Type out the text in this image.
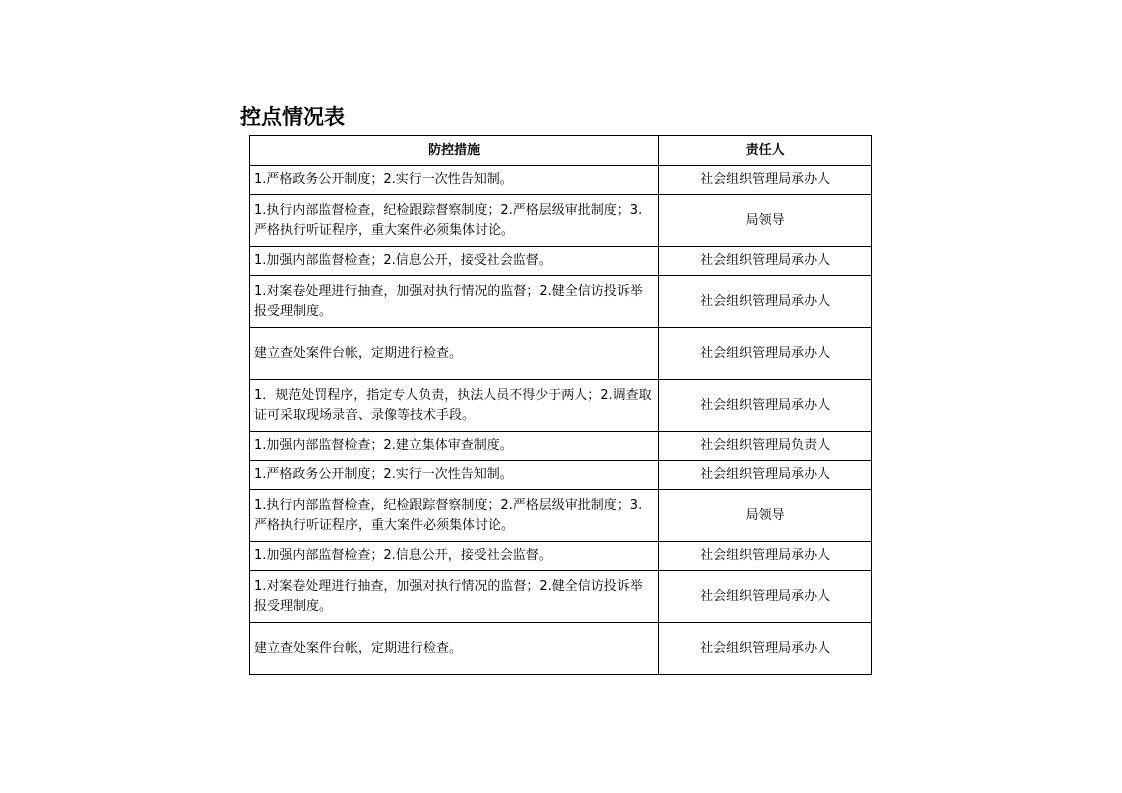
控点情况表
防控措施	责任人
1.严格政务公开制度；2.实行一次性告知制。	社会组织管理局承办人
1.执行内部监督检查，纪检跟踪督察制度；2.严格层级审批制度；3.严格执行听证程序，重大案件必须集体讨论。	局领导
1.加强内部监督检查；2.信息公开，接受社会监督。	社会组织管理局承办人
1.对案卷处理进行抽查，加强对执行情况的监督；2.健全信访投诉举报受理制度。	社会组织管理局承办人
建立查处案件台帐，定期进行检查。	社会组织管理局承办人
1．规范处罚程序，指定专人负责，执法人员不得少于两人；2.调查取证可采取现场录音、录像等技术手段。	社会组织管理局承办人
1.加强内部监督检查；2.建立集体审查制度。	社会组织管理局负责人
1.严格政务公开制度；2.实行一次性告知制。	社会组织管理局承办人
1.执行内部监督检查，纪检跟踪督察制度；2.严格层级审批制度；3.严格执行听证程序，重大案件必须集体讨论。	局领导
1.加强内部监督检查；2.信息公开，接受社会监督。	社会组织管理局承办人
1.对案卷处理进行抽查，加强对执行情况的监督；2.健全信访投诉举报受理制度。	社会组织管理局承办人
建立查处案件台帐，定期进行检查。	社会组织管理局承办人
